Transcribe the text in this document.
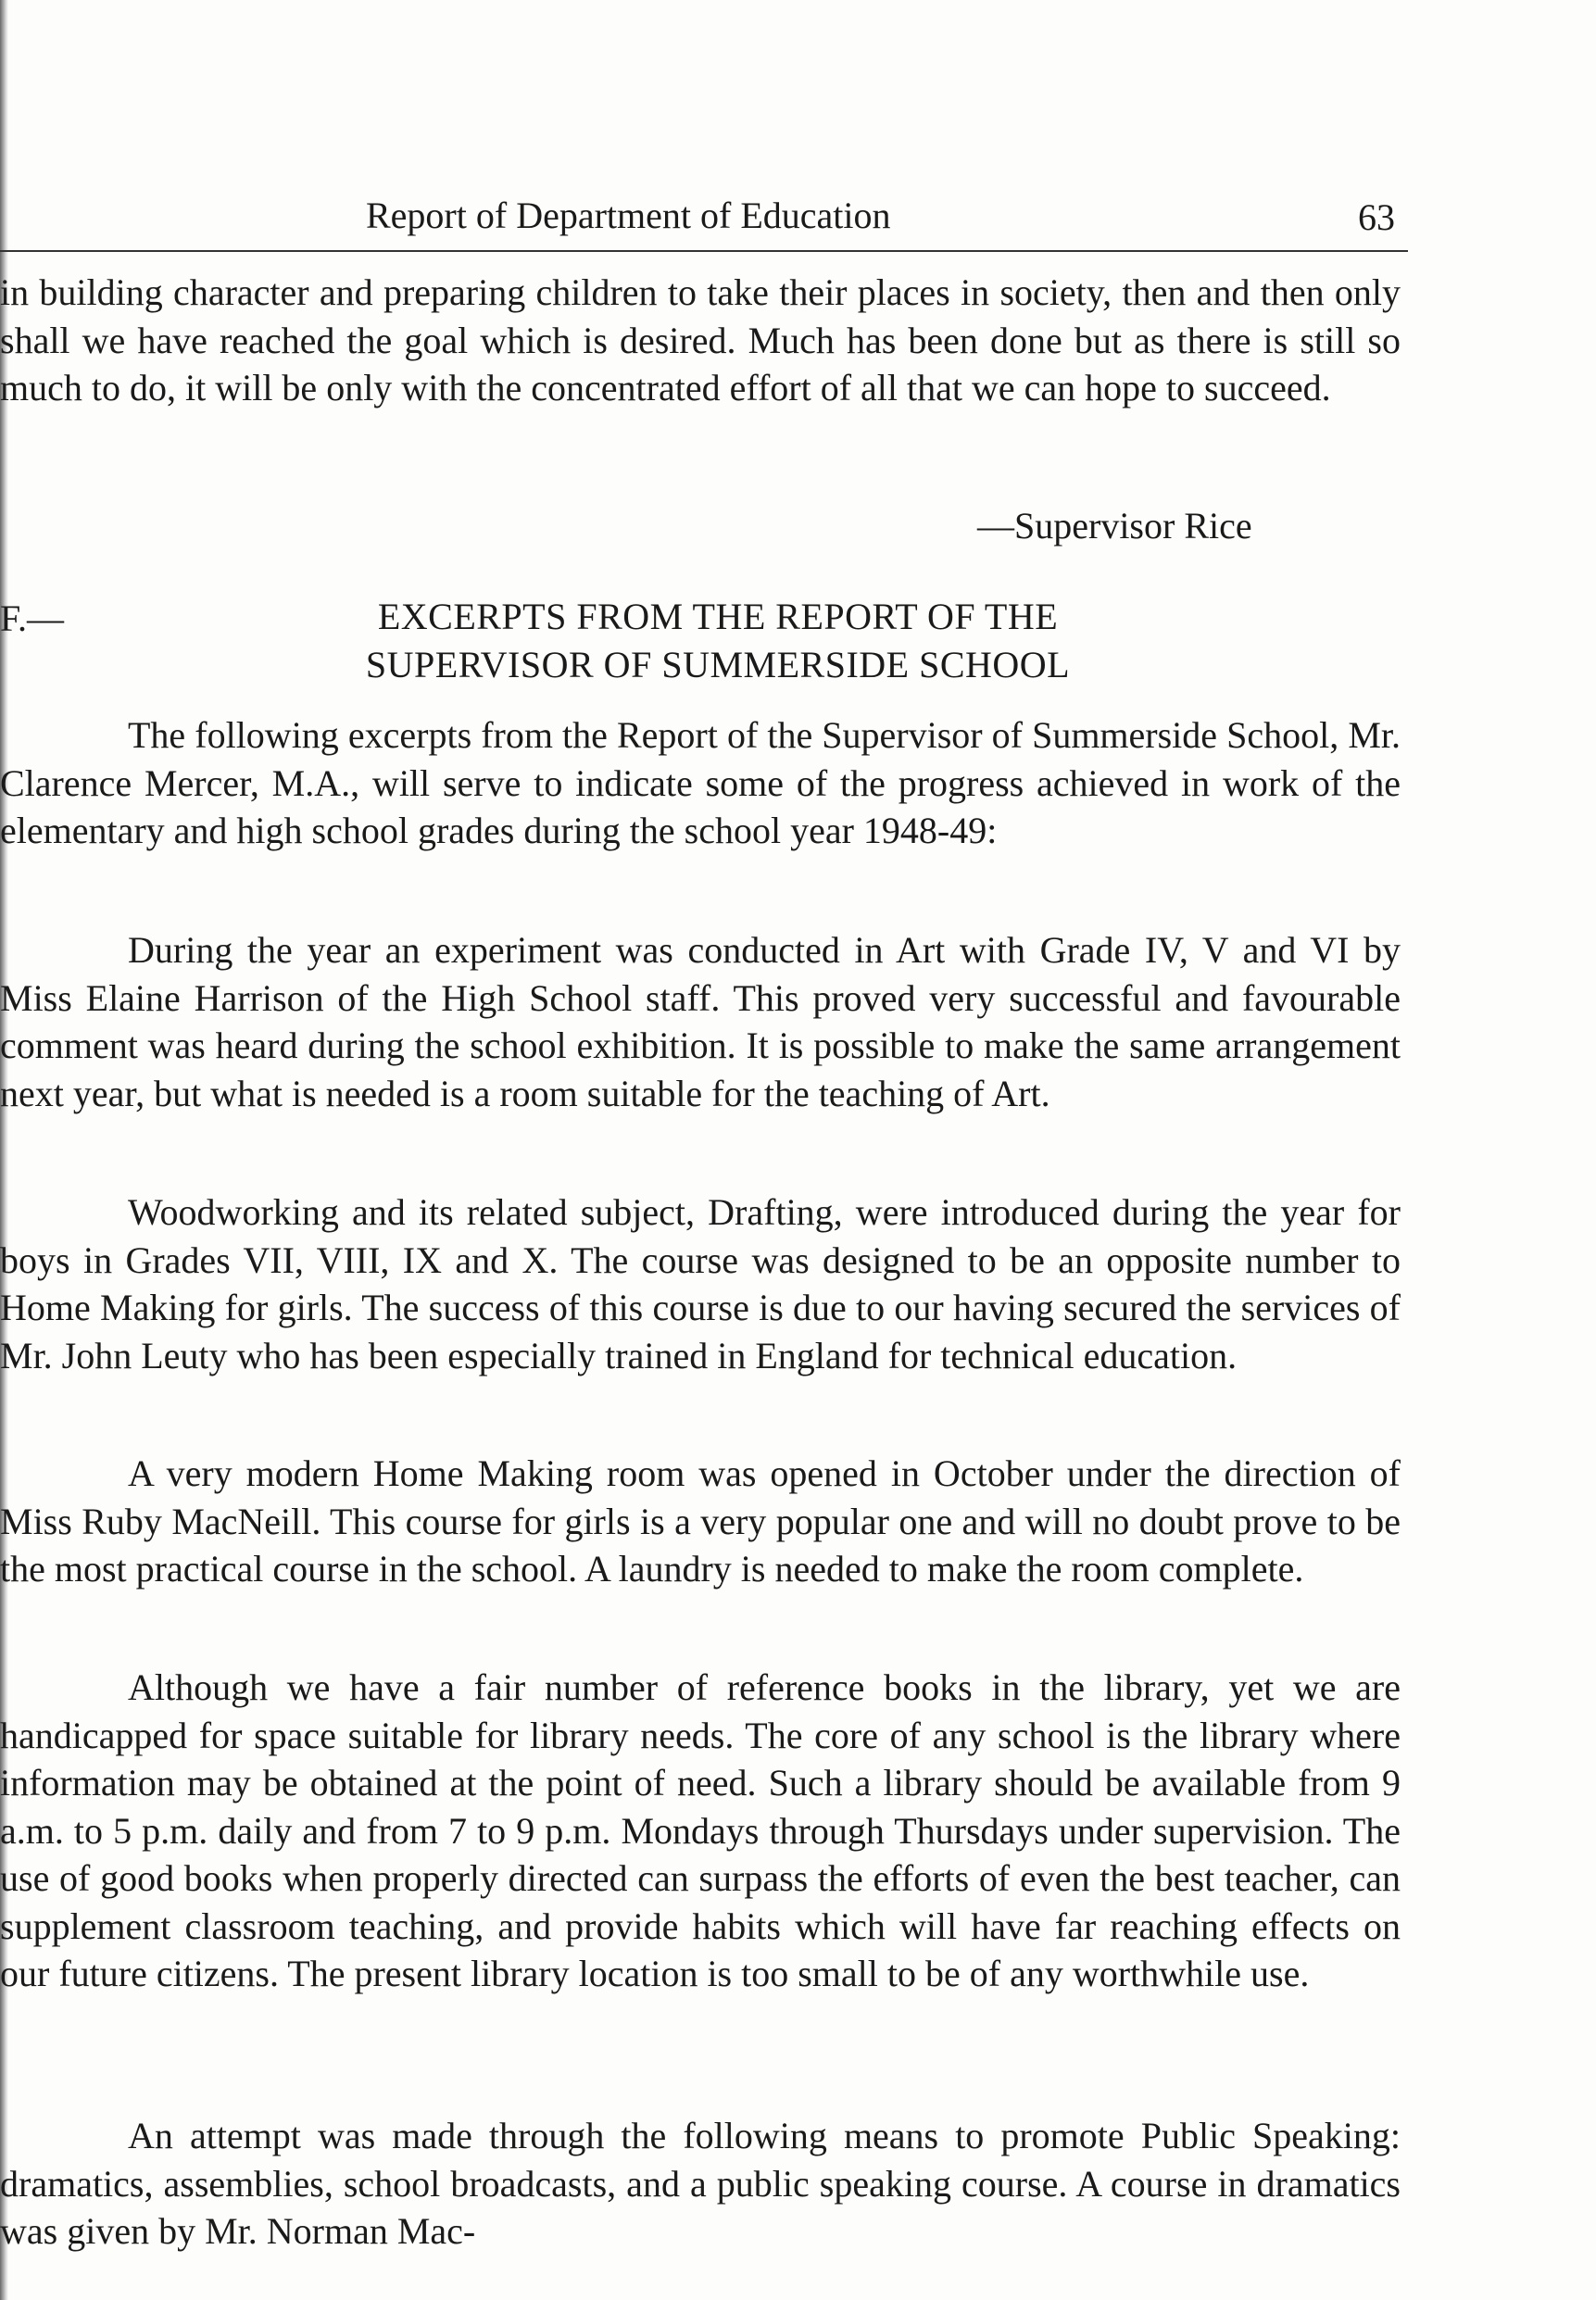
Report of Department of Education	63

in building character and preparing children to take their places in society, then and then only shall we have reached the goal which is desired. Much has been done but as there is still so much to do, it will be only with the concentrated effort of all that we can hope to succeed.

—Supervisor Rice
F.—	EXCERPTS FROM THE REPORT OF THE
SUPERVISOR OF SUMMERSIDE SCHOOL

The following excerpts from the Report of the Supervisor of Summerside School, Mr. Clarence Mercer, M.A., will serve to indicate some of the progress achieved in work of the elementary and high school grades during the school year 1948-49:

During the year an experiment was conducted in Art with Grade IV, V and VI by Miss Elaine Harrison of the High School staff. This proved very successful and favourable comment was heard during the school exhibition. It is possible to make the same arrangement next year, but what is needed is a room suitable for the teaching of Art.

Woodworking and its related subject, Drafting, were introduced during the year for boys in Grades VII, VIII, IX and X. The course was designed to be an opposite number to Home Making for girls. The success of this course is due to our having secured the services of Mr. John Leuty who has been especially trained in England for technical education.

A very modern Home Making room was opened in October under the direction of Miss Ruby MacNeill. This course for girls is a very popular one and will no doubt prove to be the most practical course in the school. A laundry is needed to make the room complete.

Although we have a fair number of reference books in the library, yet we are handicapped for space suitable for library needs. The core of any school is the library where information may be obtained at the point of need. Such a library should be available from 9 a.m. to 5 p.m. daily and from 7 to 9 p.m. Mondays through Thursdays under supervision. The use of good books when properly directed can surpass the efforts of even the best teacher, can supplement classroom teaching, and provide habits which will have far reaching effects on our future citizens. The present library location is too small to be of any worthwhile use.

An attempt was made through the following means to promote Public Speaking: dramatics, assemblies, school broadcasts, and a public speaking course. A course in dramatics was given by Mr. Norman Mac-
